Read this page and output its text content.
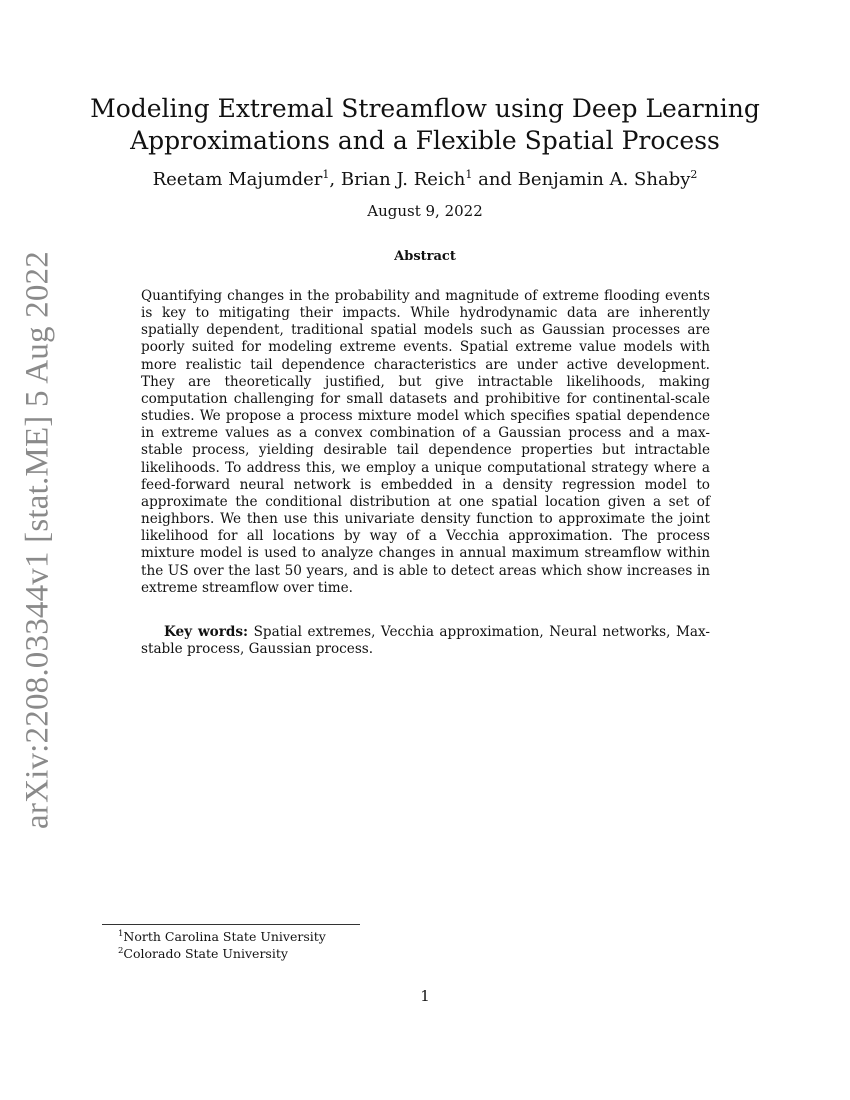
arXiv:2208.03344v1 [stat.ME] 5 Aug 2022
Modeling Extremal Streamflow using Deep Learning
Approximations and a Flexible Spatial Process
Reetam Majumder$^1$, Brian J. Reich$^1$ and Benjamin A. Shaby$^2$
August 9, 2022
Abstract

Quantifying changes in the probability and magnitude of extreme flooding events is key to mitigating their impacts. While hydrodynamic data are inherently spatially dependent, traditional spatial models such as Gaussian processes are poorly suited for modeling extreme events. Spatial extreme value models with more realistic tail dependence characteristics are under active development. They are theoretically justified, but give intractable likelihoods, making computation challenging for small datasets and prohibitive for continental-scale studies. We propose a process mixture model which specifies spatial dependence in extreme values as a convex combination of a Gaussian process and a max-stable process, yielding desirable tail dependence properties but intractable likelihoods. To address this, we employ a unique computational strategy where a feed-forward neural network is embedded in a density regression model to approximate the conditional distribution at one spatial location given a set of neighbors. We then use this univariate density function to approximate the joint likelihood for all locations by way of a Vecchia approximation. The process mixture model is used to analyze changes in annual maximum streamflow within the US over the last 50 years, and is able to detect areas which show increases in extreme streamflow over time.

Key words: Spatial extremes, Vecchia approximation, Neural networks, Max-stable process, Gaussian process.

$^1$North Carolina State University
$^2$Colorado State University
1
